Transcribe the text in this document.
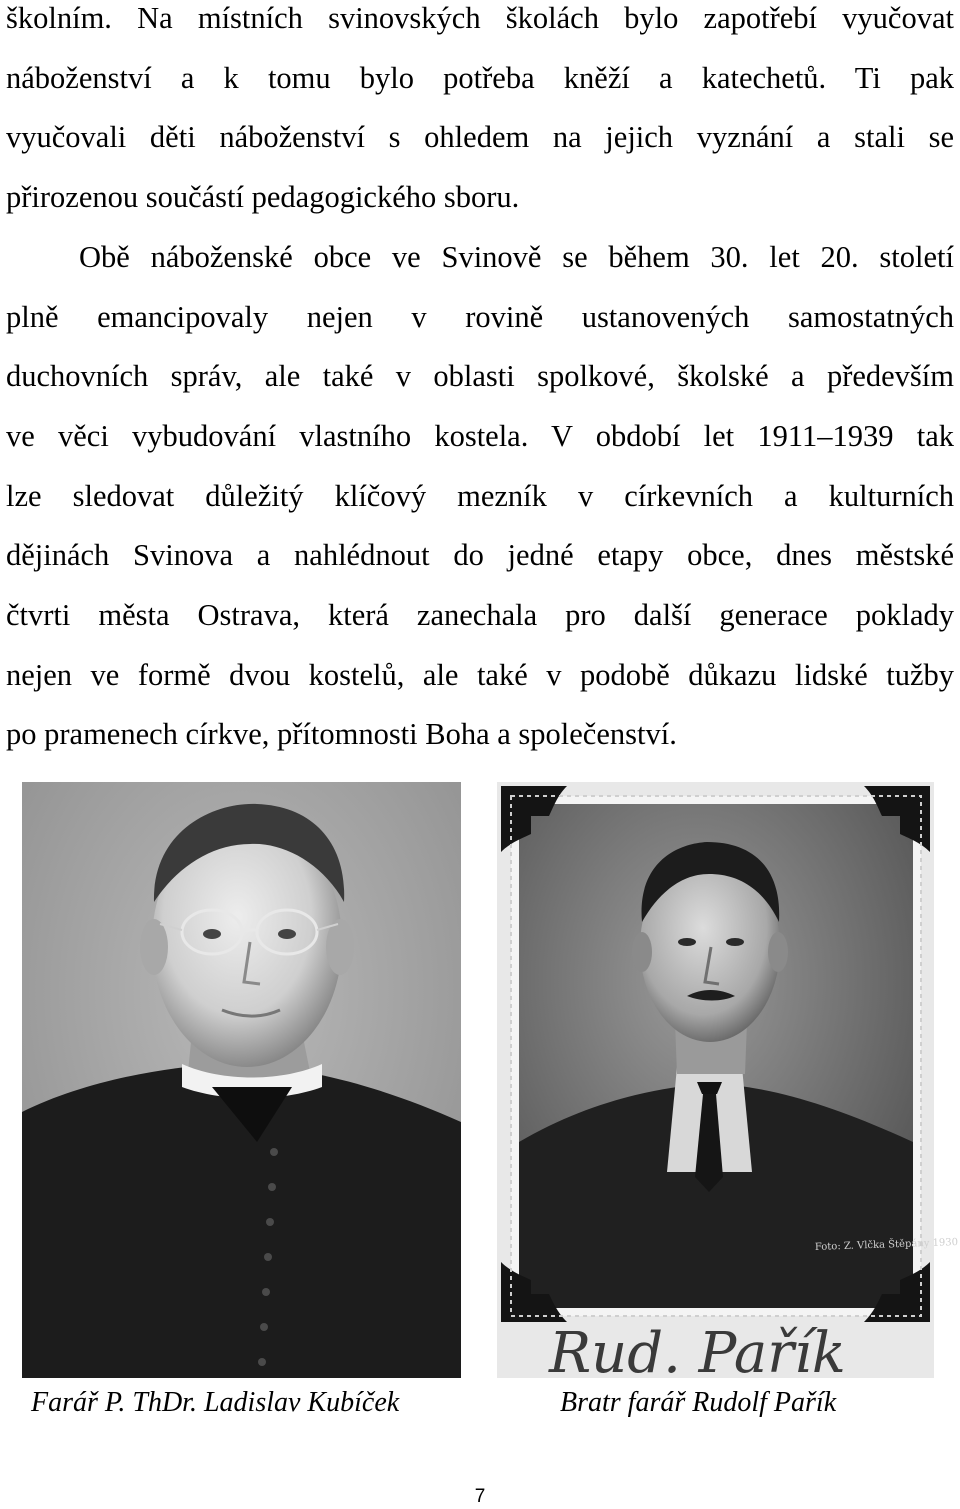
školním. Na místních svinovských školách bylo zapotřebí vyučovat
náboženství a k tomu bylo potřeba kněží a katechetů. Ti pak
vyučovali děti náboženství s ohledem na jejich vyznání a stali se
přirozenou součástí pedagogického sboru.
Obě náboženské obce ve Svinově se během 30. let 20. století
plně emancipovaly nejen v rovině ustanovených samostatných
duchovních správ, ale také v oblasti spolkové, školské a především
ve věci vybudování vlastního kostela. V období let 1911–1939 tak
lze sledovat důležitý klíčový mezník v církevních a kulturních
dějinách Svinova a nahlédnout do jedné etapy obce, dnes městské
čtvrti města Ostrava, která zanechala pro další generace poklady
nejen ve formě dvou kostelů, ale také v podobě důkazu lidské tužby
po pramenech církve, přítomnosti Boha a společenství.
Foto: Z. Vlčka Štěpány 1930
Rud. Pařík
Farář P. ThDr. Ladislav Kubíček	Bratr farář Rudolf Pařík
7
